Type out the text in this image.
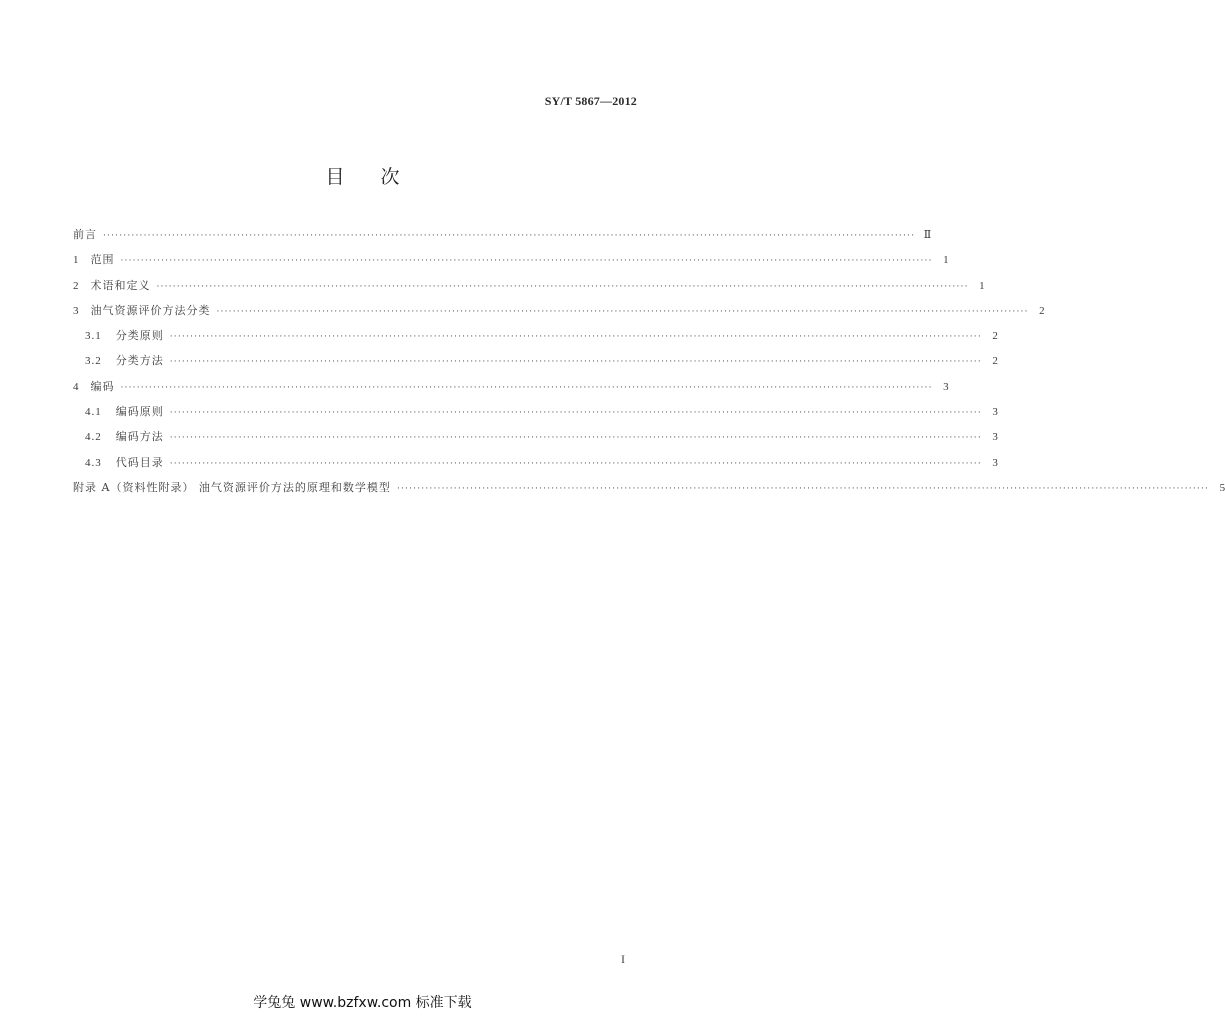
SY/T 5867—2012
目 次
前言 ········································································································································································································ Ⅱ
1 范围 ········································································································································································································ 1
2 术语和定义 ········································································································································································································ 1
3 油气资源评价方法分类 ········································································································································································································ 2
3.1 分类原则 ········································································································································································································ 2
3.2 分类方法 ········································································································································································································ 2
4 编码 ········································································································································································································ 3
4.1 编码原则 ········································································································································································································ 3
4.2 编码方法 ········································································································································································································ 3
4.3 代码目录 ········································································································································································································ 3
附录 A（资料性附录） 油气资源评价方法的原理和数学模型 ········································································································································································································ 5
I
学兔兔 www.bzfxw.com 标准下载
